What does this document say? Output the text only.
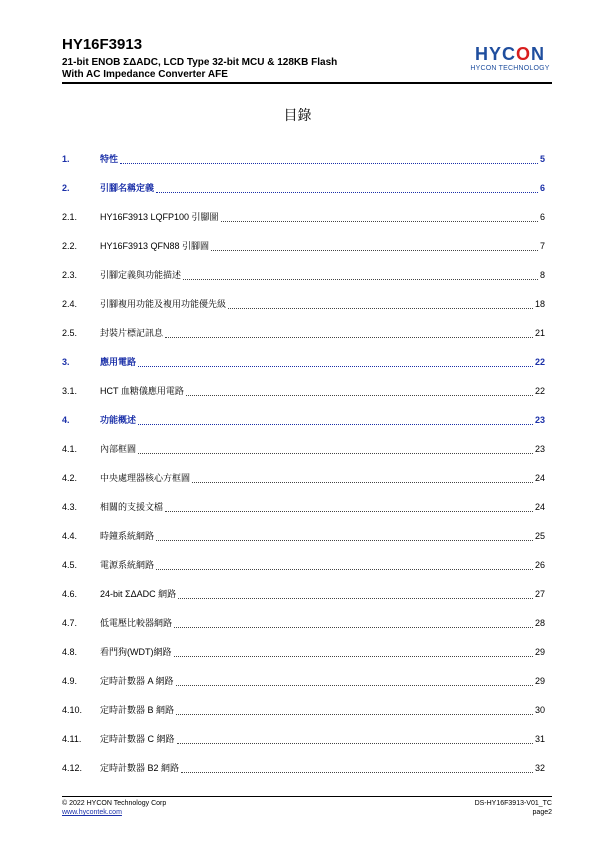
HY16F3913
21-bit ENOB ΣΔADC, LCD Type 32-bit MCU & 128KB Flash
With AC Impedance Converter AFE
HYCON
HYCON TECHNOLOGY
目錄
1.	特性	5
2.	引腳名稱定義	6
2.1.	HY16F3913 LQFP100 引腳圖	6
2.2.	HY16F3913 QFN88 引腳圖	7
2.3.	引腳定義與功能描述	8
2.4.	引腳複用功能及複用功能優先級	18
2.5.	封裝片標記訊息	21
3.	應用電路	22
3.1.	HCT 血糖儀應用電路	22
4.	功能概述	23
4.1.	內部框圖	23
4.2.	中央處理器核心方框圖	24
4.3.	相關的支援文檔	24
4.4.	時鐘系統網路	25
4.5.	電源系統網路	26
4.6.	24-bit ΣΔADC 網路	27
4.7.	低電壓比較器網路	28
4.8.	看門狗(WDT)網路	29
4.9.	定時計數器 A 網路	29
4.10.	定時計數器 B 網路	30
4.11.	定時計數器 C 網路	31
4.12.	定時計數器 B2 網路	32
© 2022 HYCON Technology Corp
www.hycontek.com
DS-HY16F3913-V01_TC
page2
